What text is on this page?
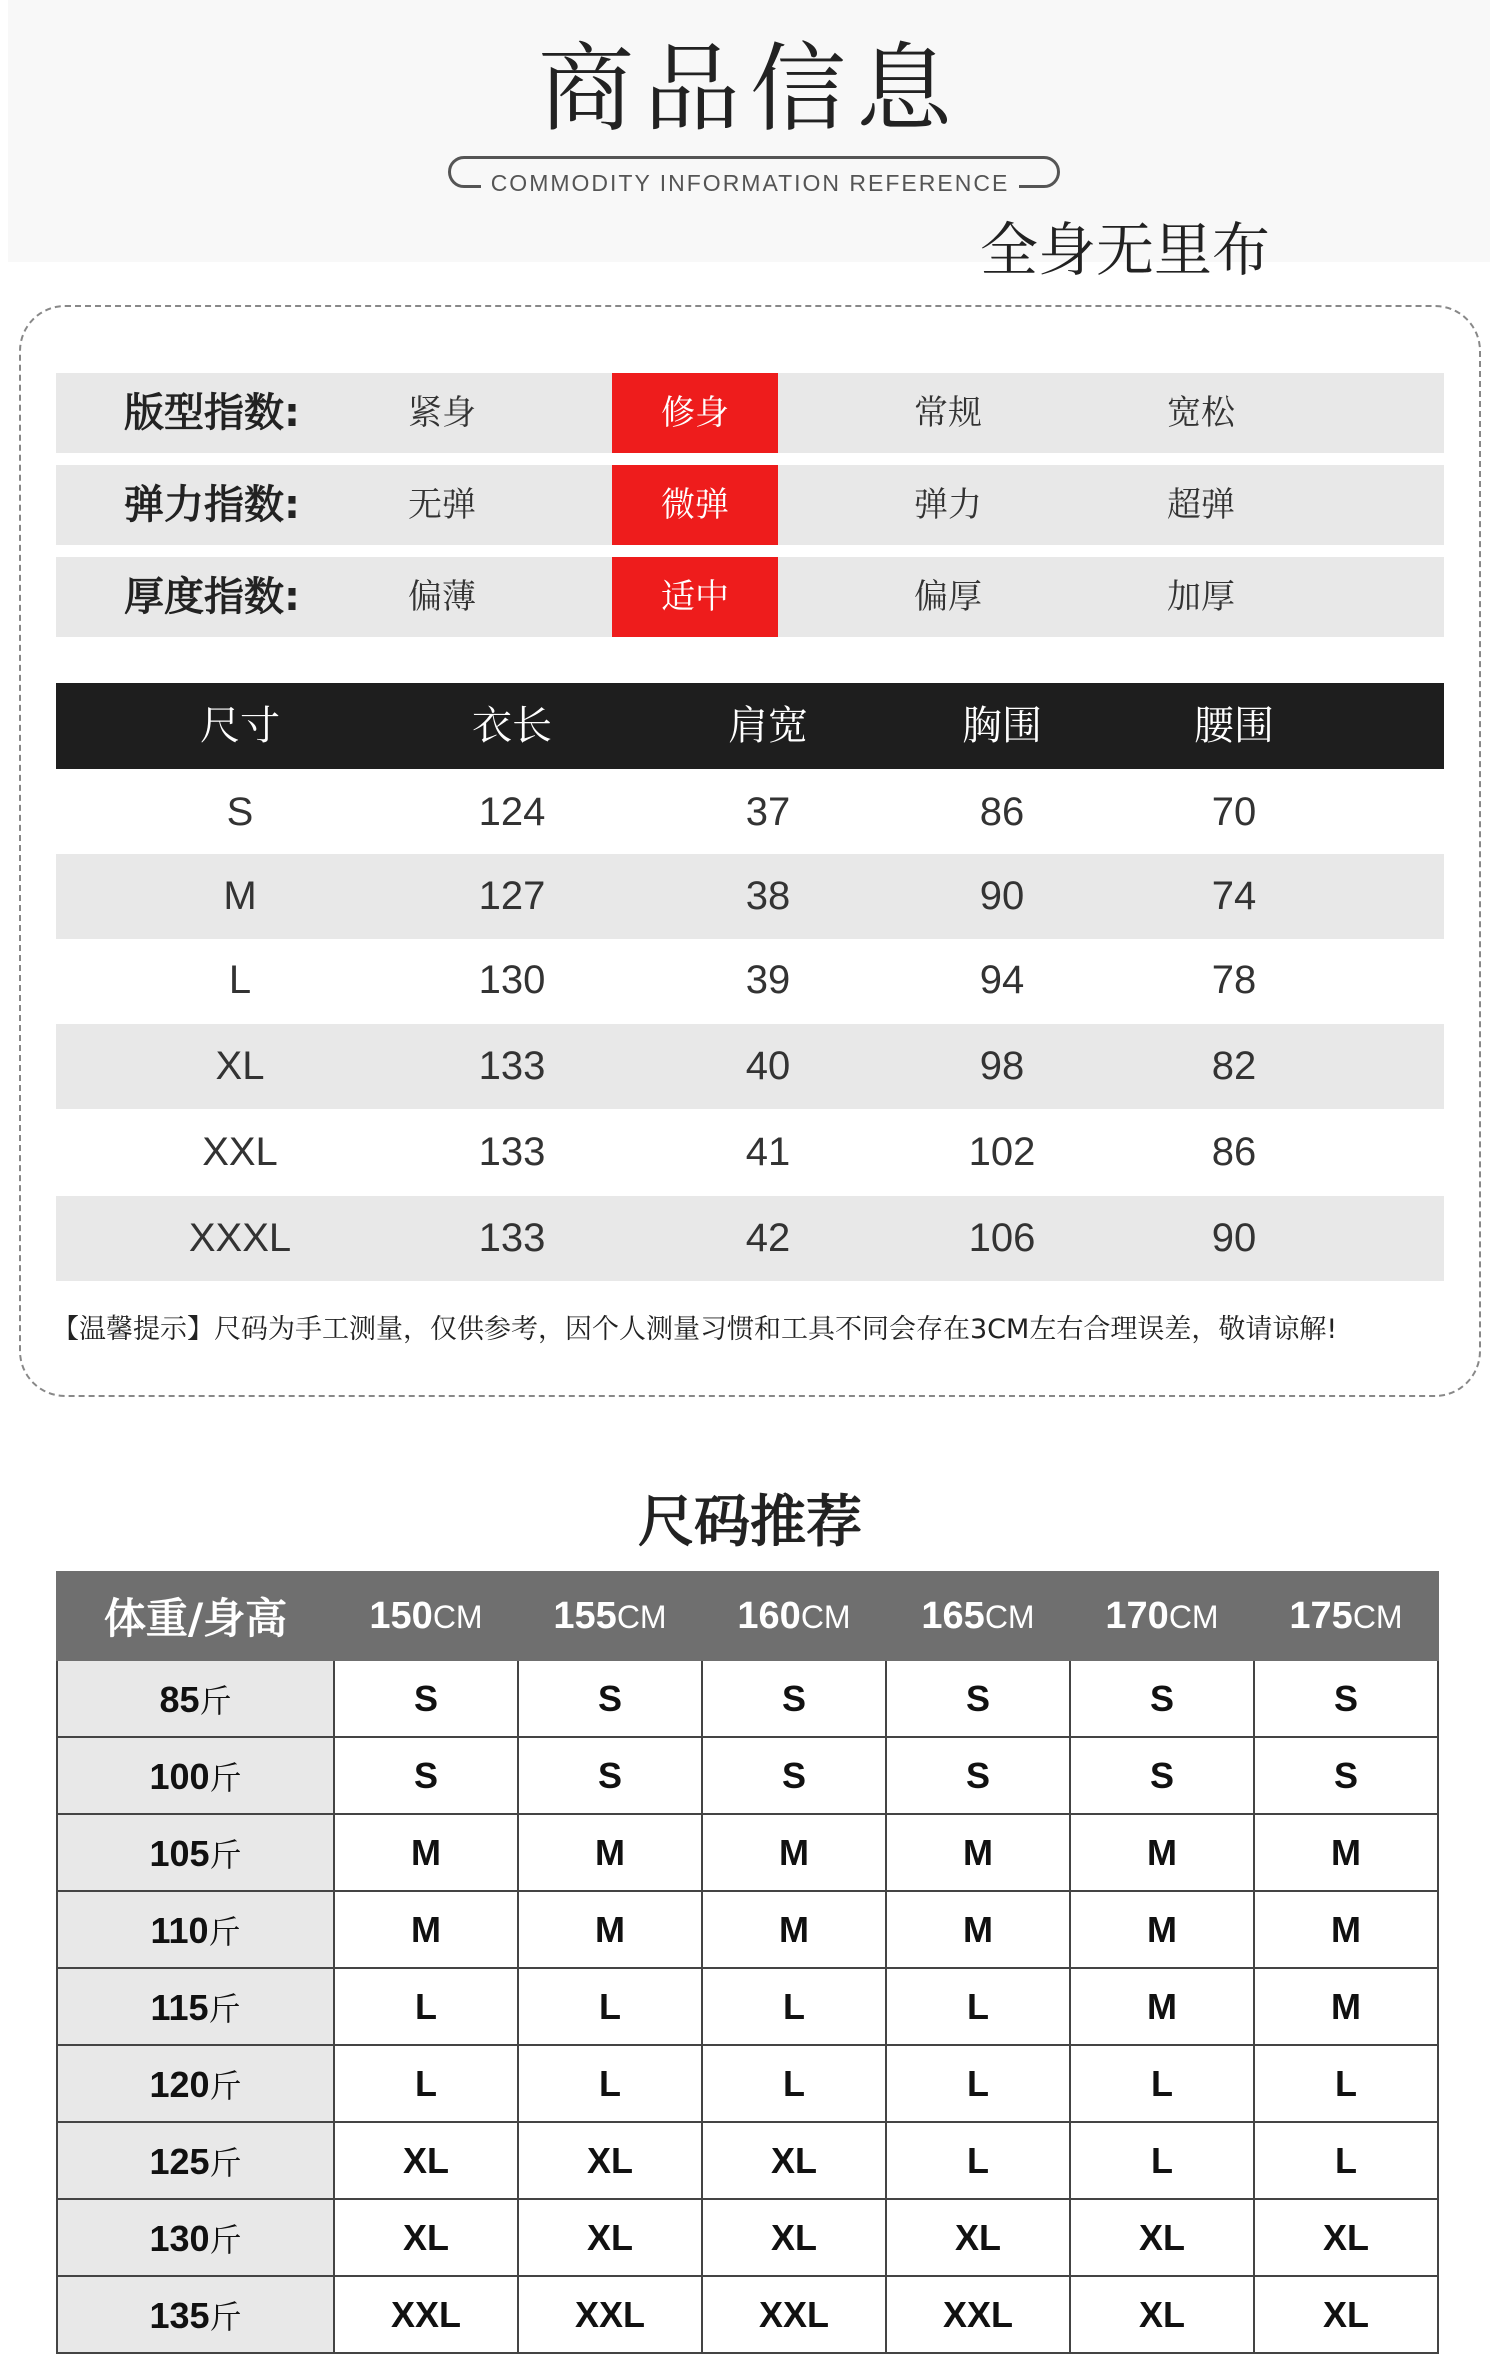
商品信息
COMMODITY INFORMATION REFERENCE
全身无里布
版型指数:	紧身	修身	常规	宽松
弹力指数:	无弹	微弹	弹力	超弹
厚度指数:	偏薄	适中	偏厚	加厚
尺寸	衣长	肩宽	胸围	腰围
S	124	37	86	70
M	127	38	90	74
L	130	39	94	78
XL	133	40	98	82
XXL	133	41	102	86
XXXL	133	42	106	90
【温馨提示】尺码为手工测量，仅供参考，因个人测量习惯和工具不同会存在3CM左右合理误差，敬请谅解!
尺码推荐
体重/身高	150CM	155CM	160CM	165CM	170CM	175CM
85斤	S	S	S	S	S	S
100斤	S	S	S	S	S	S
105斤	M	M	M	M	M	M
110斤	M	M	M	M	M	M
115斤	L	L	L	L	M	M
120斤	L	L	L	L	L	L
125斤	XL	XL	XL	L	L	L
130斤	XL	XL	XL	XL	XL	XL
135斤	XXL	XXL	XXL	XXL	XL	XL
